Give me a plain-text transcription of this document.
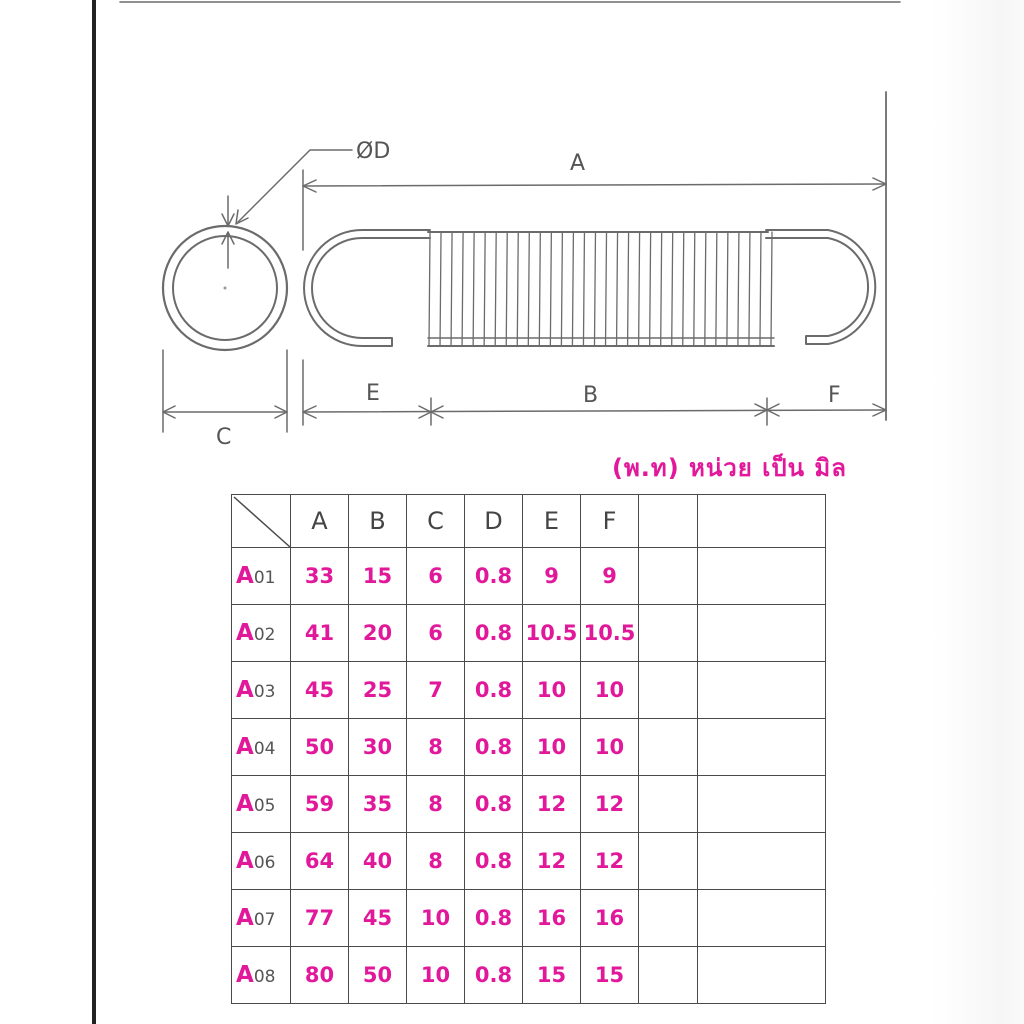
ØD
C
A
E	B	F
(พ.ท) หน่วย เป็น มิล
	A	B	C	D	E	F		
A01	33	15	6	0.8	9	9		
A02	41	20	6	0.8	10.5	10.5		
A03	45	25	7	0.8	10	10		
A04	50	30	8	0.8	10	10		
A05	59	35	8	0.8	12	12		
A06	64	40	8	0.8	12	12		
A07	77	45	10	0.8	16	16		
A08	80	50	10	0.8	15	15		
